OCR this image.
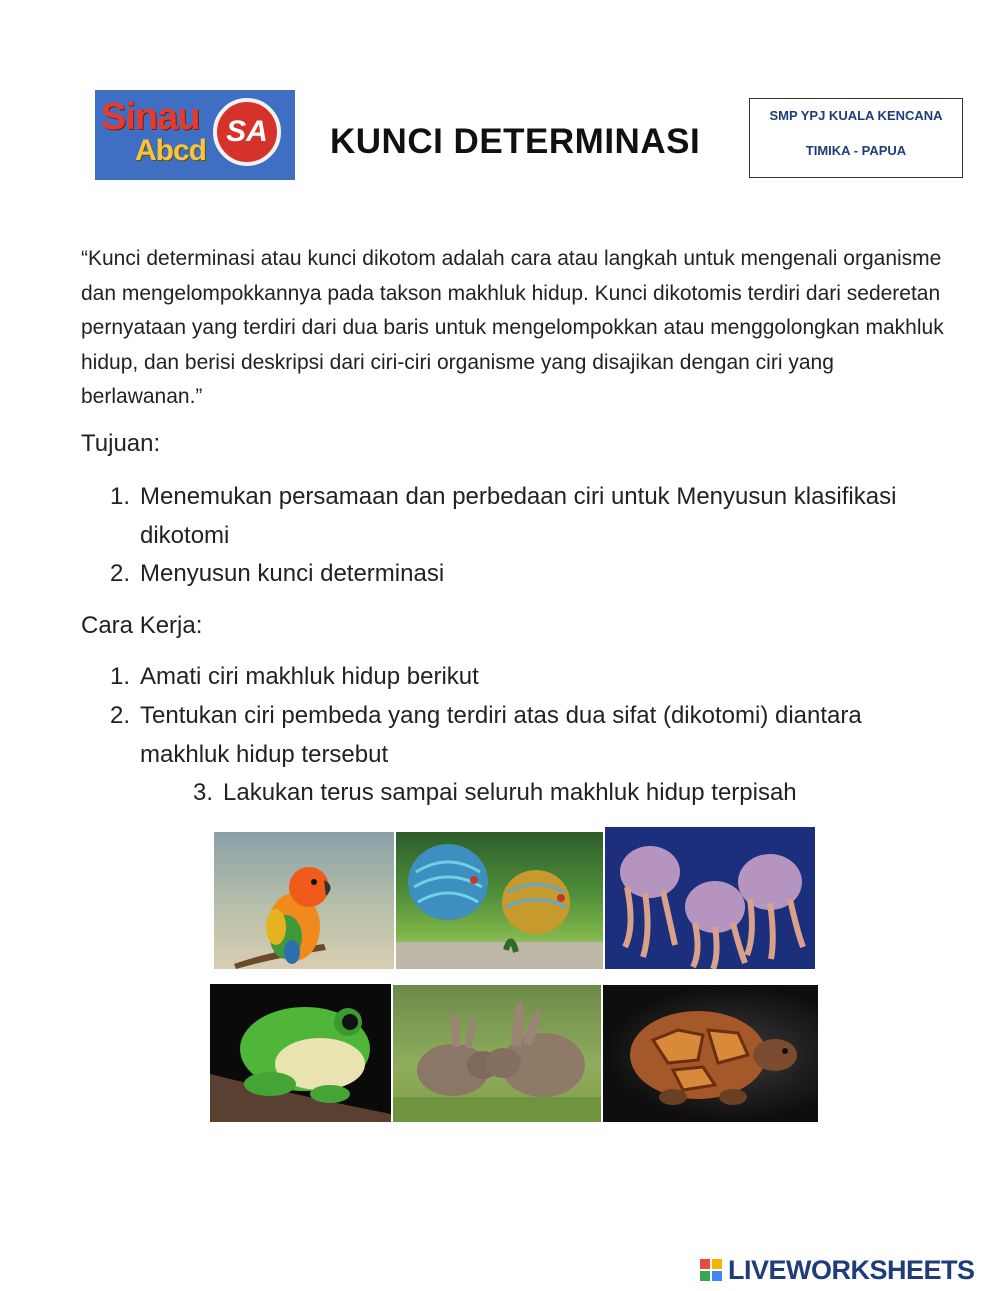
Sinau
Abcd
SA	KUNCI DETERMINASI
SMP YPJ KUALA KENCANA
TIMIKA - PAPUA
“Kunci determinasi atau kunci dikotom adalah cara atau langkah untuk mengenali organisme dan mengelompokkannya pada takson makhluk hidup. Kunci dikotomis terdiri dari sederetan pernyataan yang terdiri dari dua baris untuk mengelompokkan atau menggolongkan makhluk hidup, dan berisi deskripsi dari ciri-ciri organisme yang disajikan dengan ciri yang berlawanan.”
Tujuan:
1. Menemukan persamaan dan perbedaan ciri untuk Menyusun klasifikasi dikotomi
2. Menyusun kunci determinasi
Cara Kerja:
1. Amati ciri makhluk hidup berikut
2. Tentukan ciri pembeda yang terdiri atas dua sifat (dikotomi) diantara makhluk hidup tersebut
3. Lakukan terus sampai seluruh makhluk hidup terpisah
LIVEWORKSHEETS
